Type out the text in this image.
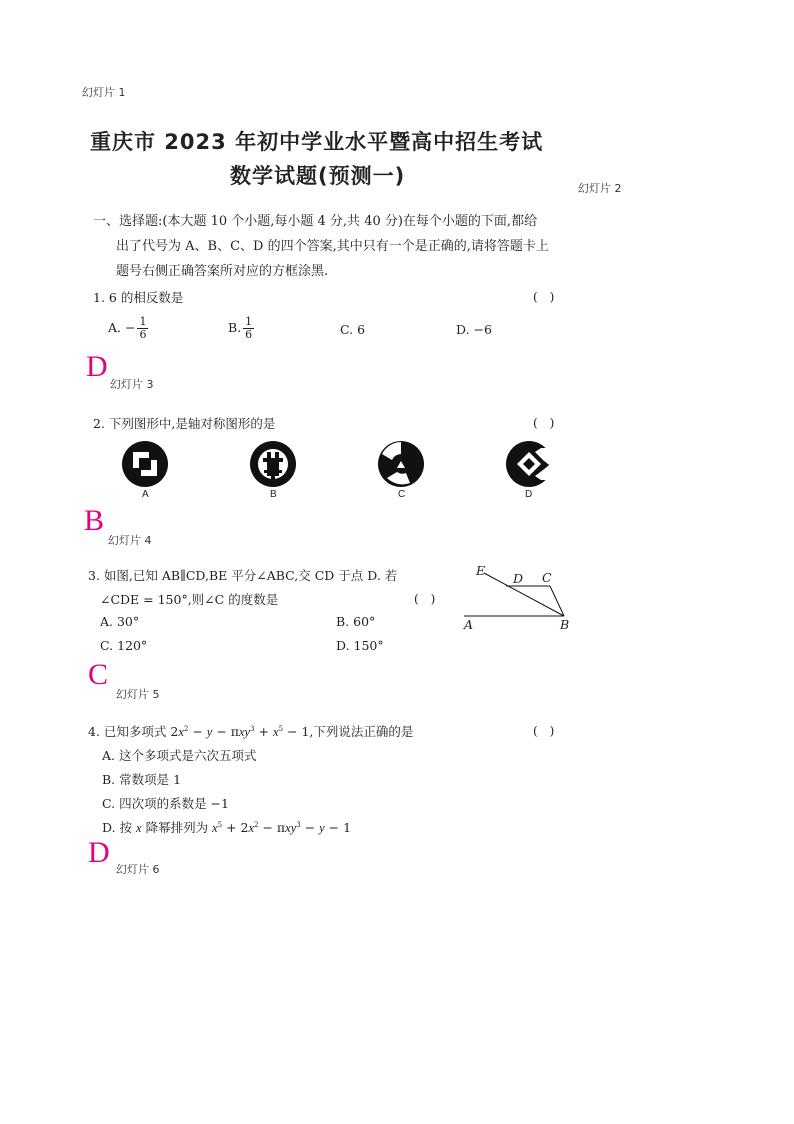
幻灯片 1
幻灯片 2
重庆市 2023 年初中学业水平暨高中招生考试
数学试题(预测一)
一、选择题:(本大题 10 个小题,每小题 4 分,共 40 分)在每个小题的下面,都给
出了代号为 A、B、C、D 的四个答案,其中只有一个是正确的,请将答题卡上
题号右侧正确答案所对应的方框涂黑.
1. 6 的相反数是	(　)
A. − $\frac{1}{6}$	B. $\frac{1}{6}$	C. 6	D. −6
D
幻灯片 3
2. 下列图形中,是轴对称图形的是	(　)
A	B	C	D
B
幻灯片 4
3. 如图,已知 AB∥CD,BE 平分∠ABC,交 CD 于点 D. 若
∠CDE = 150°,则∠C 的度数是	(　)
A. 30°	B. 60°
C. 120°	D. 150°
E
D C
A	B
C
幻灯片 5
4. 已知多项式 $2x^2 - y - \pi xy^3 + x^5 - 1$,下列说法正确的是	(　)
A. 这个多项式是六次五项式
B. 常数项是 1
C. 四次项的系数是 −1
D. 按 x 降幂排列为 $x^5 + 2x^2 - \pi xy^3 - y - 1$
D
幻灯片 6
